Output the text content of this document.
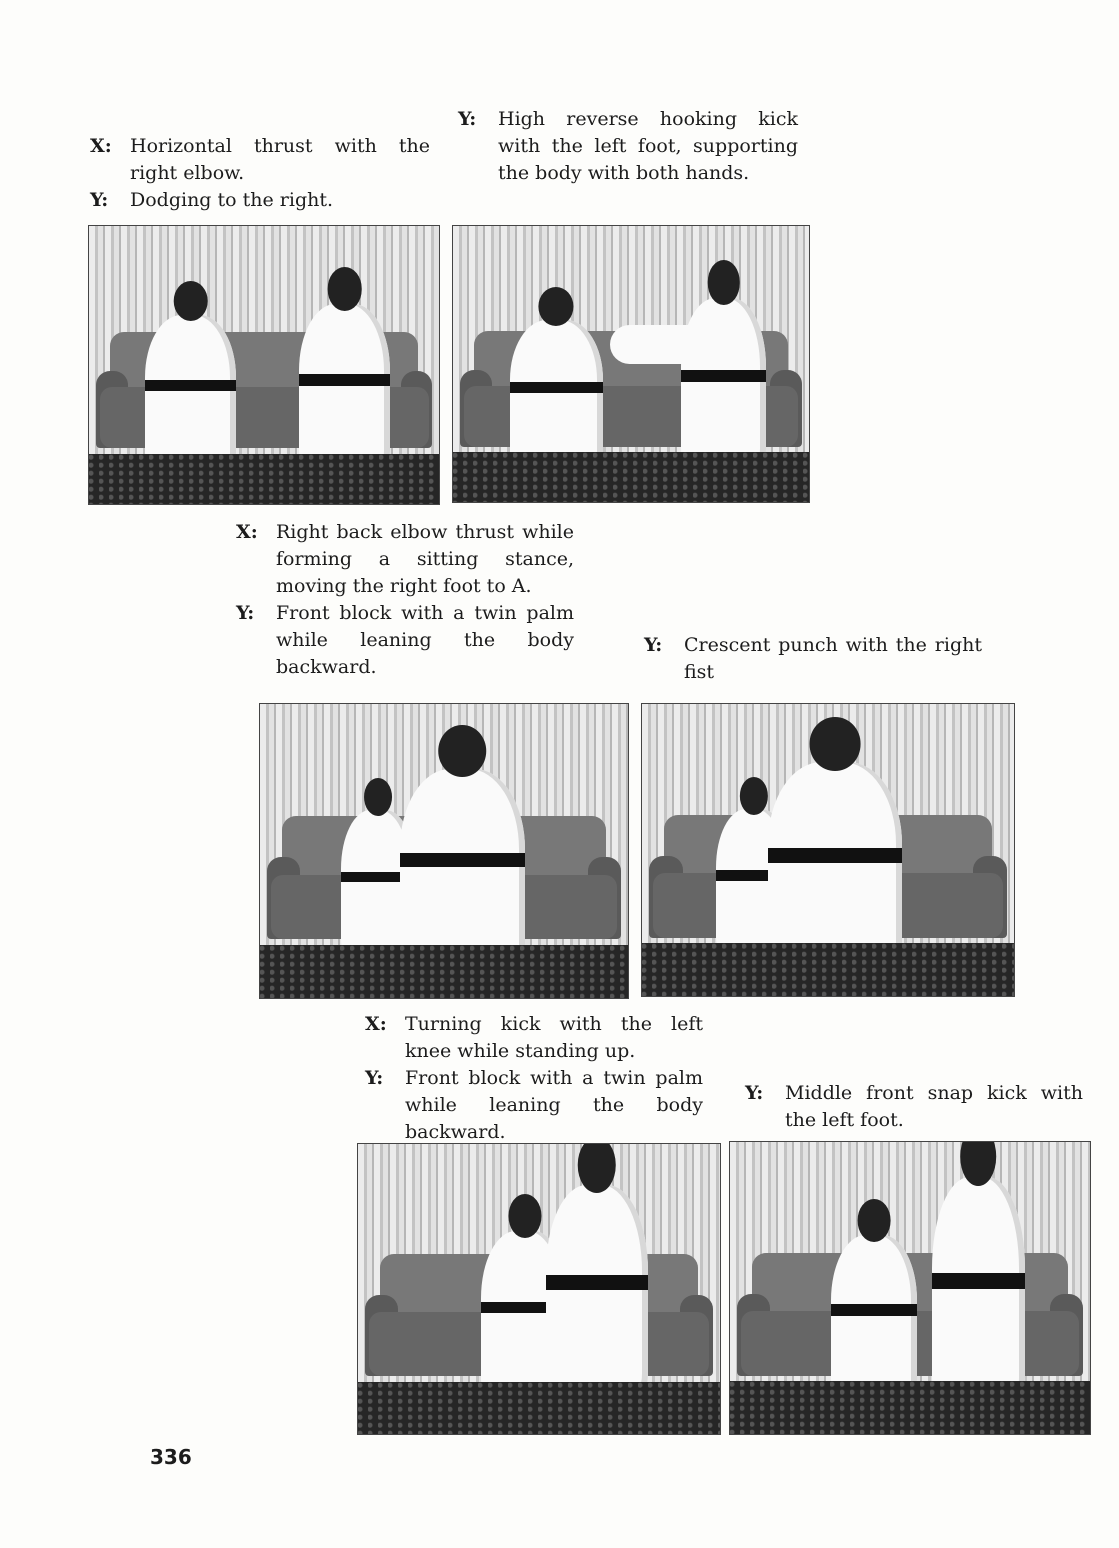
X: Horizontal thrust with the right elbow.
Y:	Dodging to the right.
Y:	High reverse hooking kick with the left foot, supporting the body with both hands.
X: Right back elbow thrust while forming a sitting stance, moving the right foot to A.
Y:	Front block with a twin palm while leaning the body backward.
Y:	Crescent punch with the right fist
X: Turning kick with the left knee while standing up.
Y:	Front block with a twin palm while leaning the body backward.
Y:	Middle front snap kick with the left foot.
336
